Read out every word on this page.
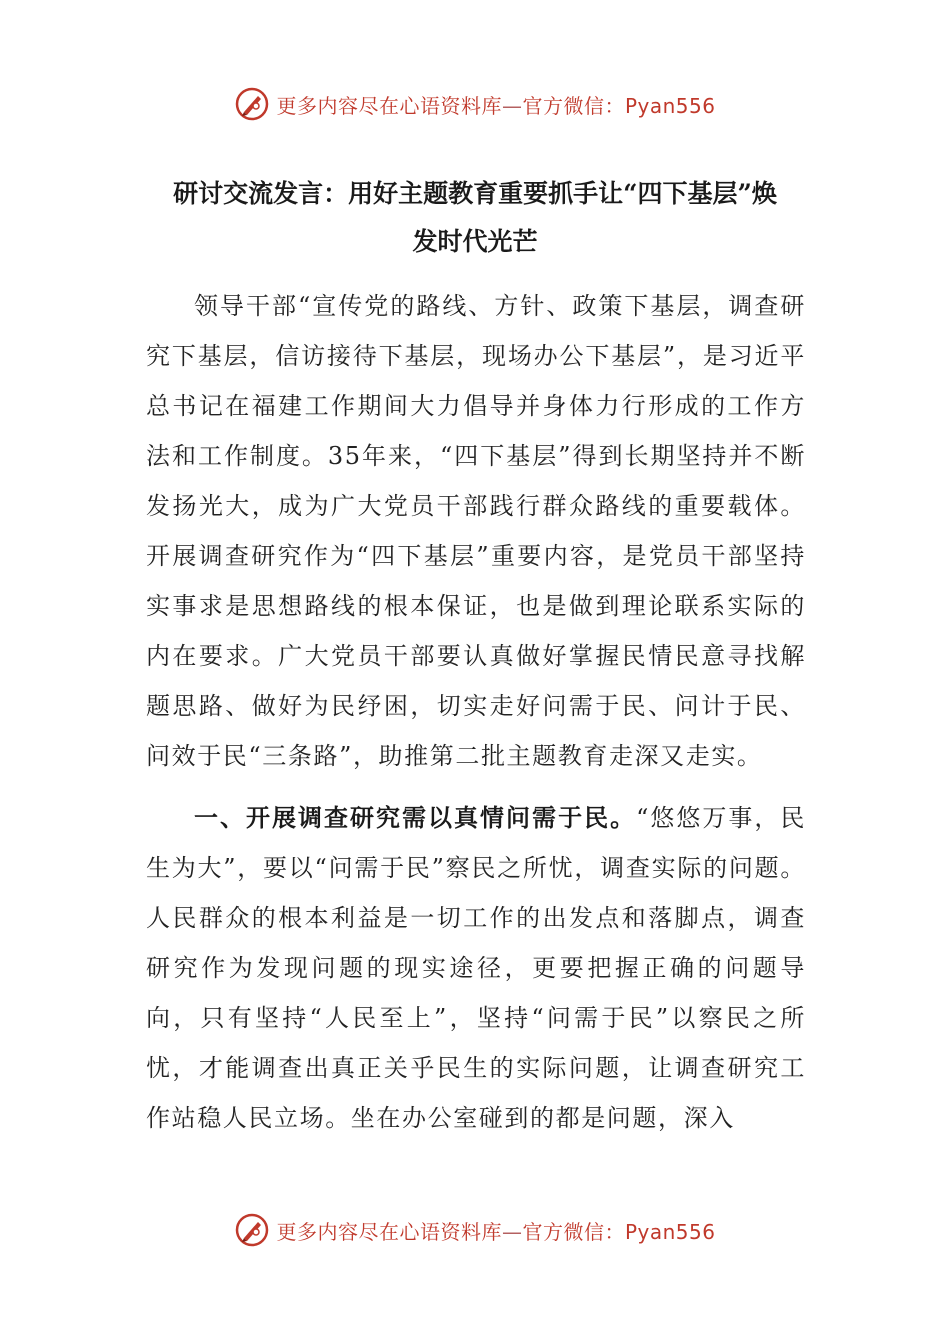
更多内容尽在心语资料库—官方微信：Pyan556
研讨交流发言：用好主题教育重要抓手让“四下基层”焕
发时代光芒

领导干部“宣传党的路线、方针、政策下基层，调查研究下基层，信访接待下基层，现场办公下基层”，是习近平总书记在福建工作期间大力倡导并身体力行形成的工作方法和工作制度。35年来，“四下基层”得到长期坚持并不断发扬光大，成为广大党员干部践行群众路线的重要载体。开展调查研究作为“四下基层”重要内容，是党员干部坚持实事求是思想路线的根本保证，也是做到理论联系实际的内在要求。广大党员干部要认真做好掌握民情民意寻找解题思路、做好为民纾困，切实走好问需于民、问计于民、问效于民“三条路”，助推第二批主题教育走深又走实。

一、开展调查研究需以真情问需于民。“悠悠万事，民生为大”，要以“问需于民”察民之所忧，调查实际的问题。人民群众的根本利益是一切工作的出发点和落脚点，调查研究作为发现问题的现实途径，更要把握正确的问题导向，只有坚持“人民至上”，坚持“问需于民”以察民之所忧，才能调查出真正关乎民生的实际问题，让调查研究工作站稳人民立场。坐在办公室碰到的都是问题，深入

更多内容尽在心语资料库—官方微信：Pyan556
